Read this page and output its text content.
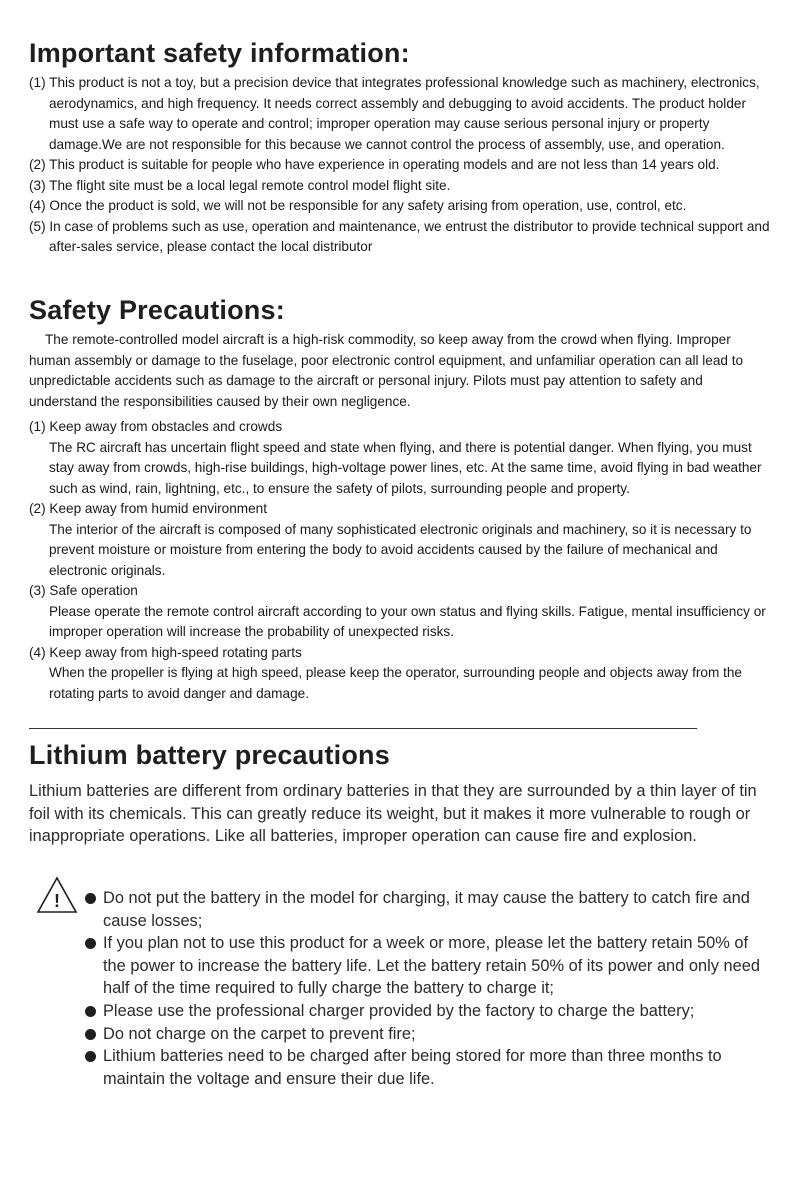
Important safety information:
(1) This product is not a toy, but a precision device that integrates professional knowledge such as machinery, electronics, aerodynamics, and high frequency. It needs correct assembly and debugging to avoid accidents. The product holder must use a safe way to operate and control; improper operation may cause serious personal injury or property damage.We are not responsible for this because we cannot control the process of assembly, use, and operation.
(2) This product is suitable for people who have experience in operating models and are not less than 14 years old.
(3) The flight site must be a local legal remote control model flight site.
(4) Once the product is sold, we will not be responsible for any safety arising from operation, use, control, etc.
(5) In case of problems such as use, operation and maintenance, we entrust the distributor to provide technical support and after-sales service, please contact the local distributor
Safety Precautions:

The remote-controlled model aircraft is a high-risk commodity, so keep away from the crowd when flying. Improper human assembly or damage to the fuselage, poor electronic control equipment, and unfamiliar operation can all lead to unpredictable accidents such as damage to the aircraft or personal injury. Pilots must pay attention to safety and understand the responsibilities caused by their own negligence.

(1) Keep away from obstacles and crowds
The RC aircraft has uncertain flight speed and state when flying, and there is potential danger. When flying, you must stay away from crowds, high-rise buildings, high-voltage power lines, etc. At the same time, avoid flying in bad weather such as wind, rain, lightning, etc., to ensure the safety of pilots, surrounding people and property.
(2) Keep away from humid environment
The interior of the aircraft is composed of many sophisticated electronic originals and machinery, so it is necessary to prevent moisture or moisture from entering the body to avoid accidents caused by the failure of mechanical and electronic originals.
(3) Safe operation
Please operate the remote control aircraft according to your own status and flying skills. Fatigue, mental insufficiency or improper operation will increase the probability of unexpected risks.
(4) Keep away from high-speed rotating parts
When the propeller is flying at high speed, please keep the operator, surrounding people and objects away from the rotating parts to avoid danger and damage.
Lithium battery precautions

Lithium batteries are different from ordinary batteries in that they are surrounded by a thin layer of tin foil with its chemicals. This can greatly reduce its weight, but it makes it more vulnerable to rough or inappropriate operations. Like all batteries, improper operation can cause fire and explosion.

!	Do not put the battery in the model for charging, it may cause the battery to catch fire and cause losses;
If you plan not to use this product for a week or more, please let the battery retain 50% of the power to increase the battery life. Let the battery retain 50% of its power and only need half of the time required to fully charge the battery to charge it;
Please use the professional charger provided by the factory to charge the battery;
Do not charge on the carpet to prevent fire;
Lithium batteries need to be charged after being stored for more than three months to maintain the voltage and ensure their due life.
